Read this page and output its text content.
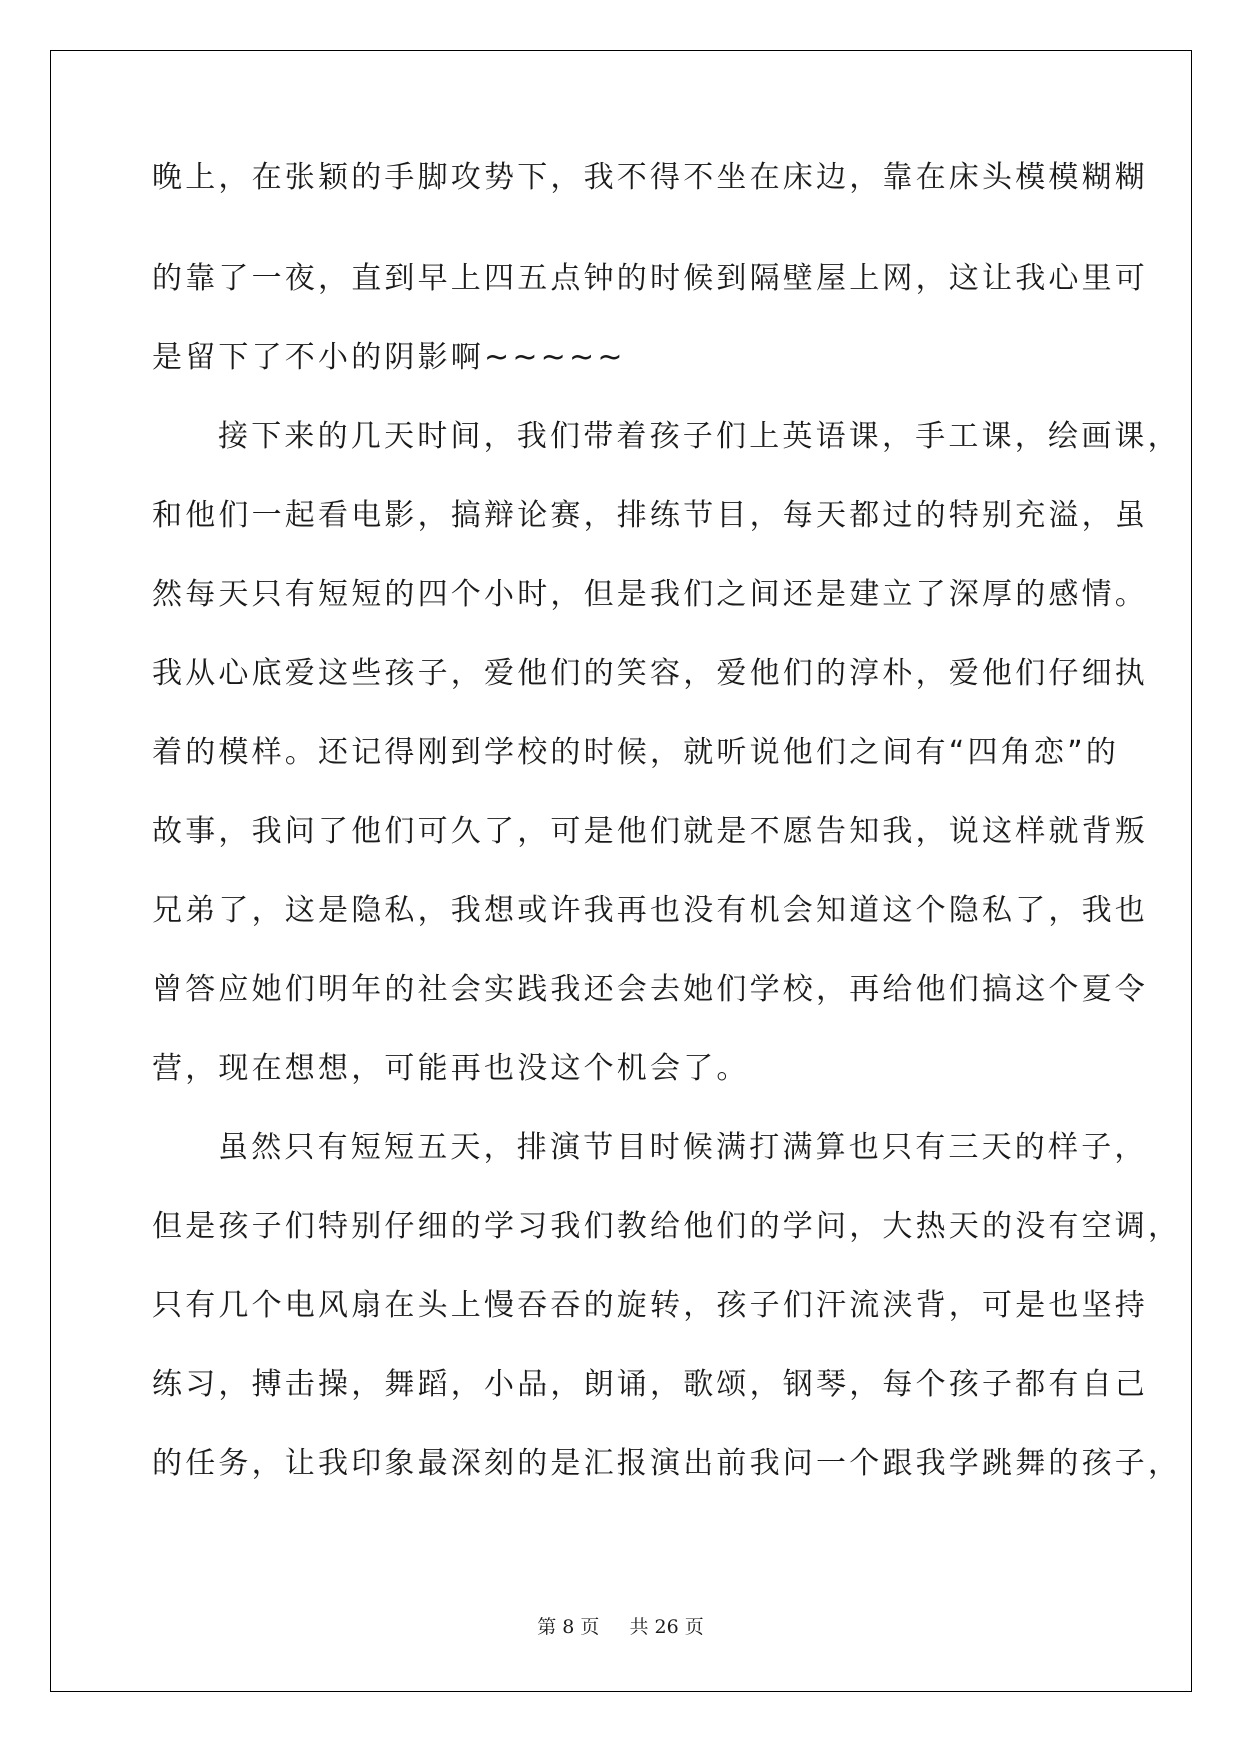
晚上，在张颖的手脚攻势下，我不得不坐在床边，靠在床头模模糊糊

的靠了一夜，直到早上四五点钟的时候到隔壁屋上网，这让我心里可

是留下了不小的阴影啊~~~~~

接下来的几天时间，我们带着孩子们上英语课，手工课，绘画课，

和他们一起看电影，搞辩论赛，排练节目，每天都过的特别充溢，虽

然每天只有短短的四个小时，但是我们之间还是建立了深厚的感情。

我从心底爱这些孩子，爱他们的笑容，爱他们的淳朴，爱他们仔细执

着的模样。还记得刚到学校的时候，就听说他们之间有“四角恋”的

故事，我问了他们可久了，可是他们就是不愿告知我，说这样就背叛

兄弟了，这是隐私，我想或许我再也没有机会知道这个隐私了，我也

曾答应她们明年的社会实践我还会去她们学校，再给他们搞这个夏令

营，现在想想，可能再也没这个机会了。

虽然只有短短五天，排演节目时候满打满算也只有三天的样子，

但是孩子们特别仔细的学习我们教给他们的学问，大热天的没有空调，

只有几个电风扇在头上慢吞吞的旋转，孩子们汗流浃背，可是也坚持

练习，搏击操，舞蹈，小品，朗诵，歌颂，钢琴，每个孩子都有自己

的任务，让我印象最深刻的是汇报演出前我问一个跟我学跳舞的孩子，

第 8 页 共 26 页
